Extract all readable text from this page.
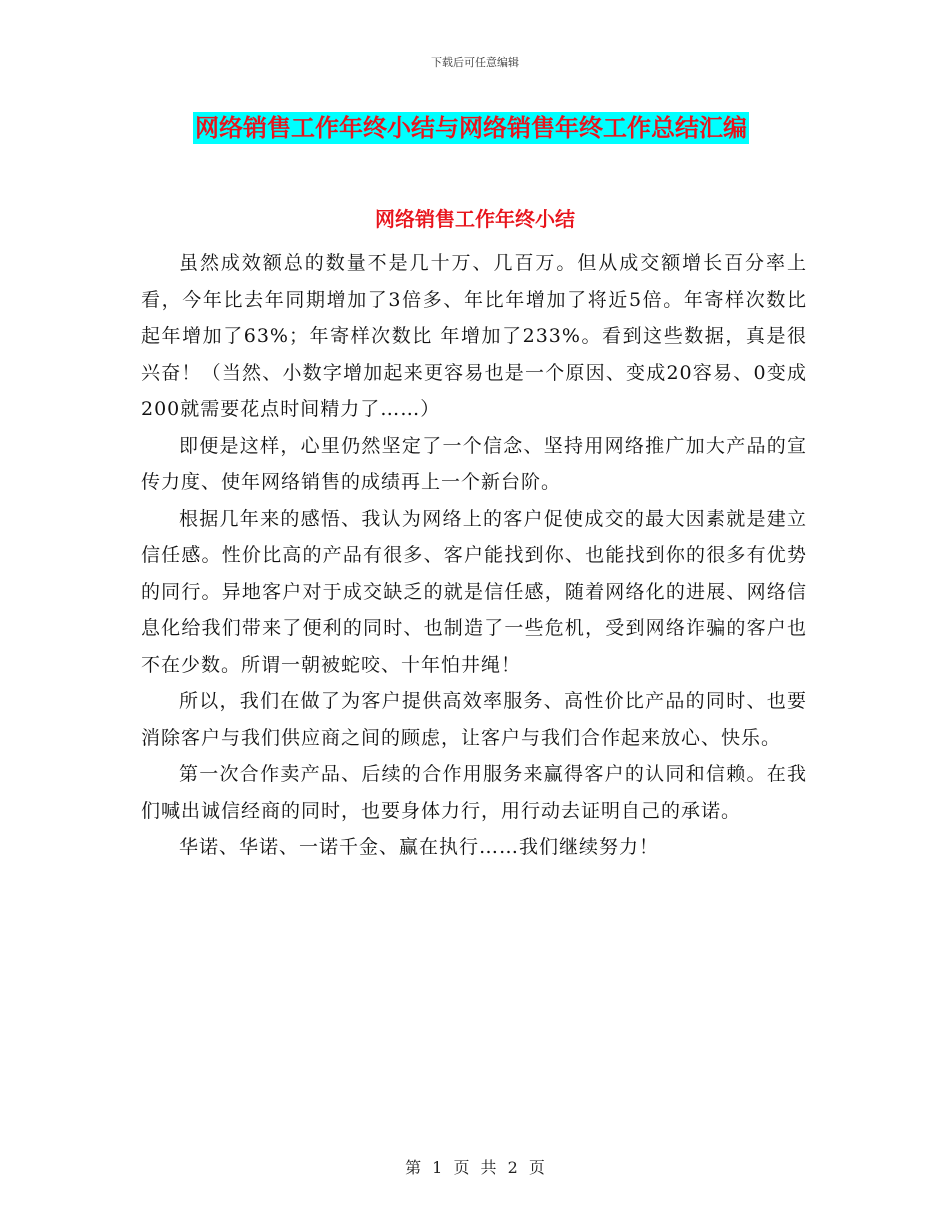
下载后可任意编辑
网络销售工作年终小结与网络销售年终工作总结汇编
网络销售工作年终小结

虽然成效额总的数量不是几十万、几百万。但从成交额增长百分率上看，今年比去年同期增加了3倍多、年比年增加了将近5倍。年寄样次数比起年增加了63%；年寄样次数比 年增加了233%。看到这些数据，真是很兴奋！（当然、小数字增加起来更容易也是一个原因、变成20容易、0变成200就需要花点时间精力了……）

即便是这样，心里仍然坚定了一个信念、坚持用网络推广加大产品的宣传力度、使年网络销售的成绩再上一个新台阶。

根据几年来的感悟、我认为网络上的客户促使成交的最大因素就是建立信任感。性价比高的产品有很多、客户能找到你、也能找到你的很多有优势的同行。异地客户对于成交缺乏的就是信任感，随着网络化的进展、网络信息化给我们带来了便利的同时、也制造了一些危机，受到网络诈骗的客户也不在少数。所谓一朝被蛇咬、十年怕井绳！

所以，我们在做了为客户提供高效率服务、高性价比产品的同时、也要消除客户与我们供应商之间的顾虑，让客户与我们合作起来放心、快乐。

第一次合作卖产品、后续的合作用服务来赢得客户的认同和信赖。在我们喊出诚信经商的同时，也要身体力行，用行动去证明自己的承诺。

华诺、华诺、一诺千金、赢在执行……我们继续努力！

第 1 页 共 2 页
